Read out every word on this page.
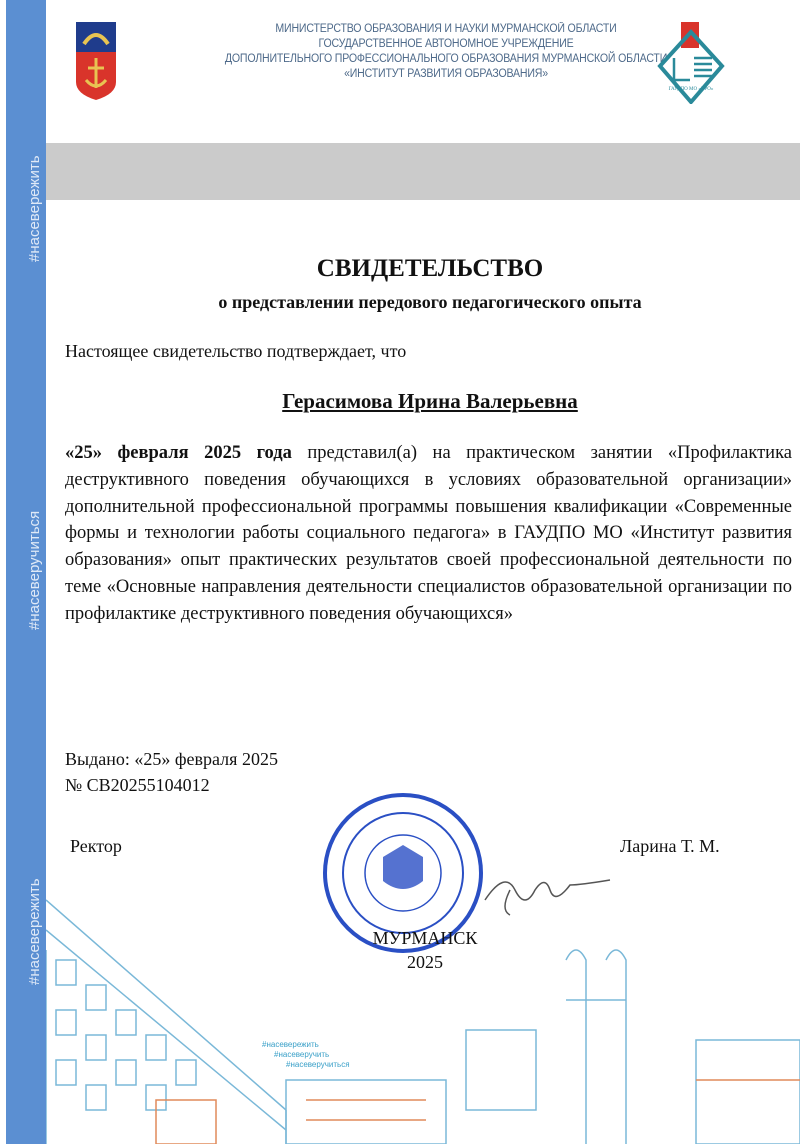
#насевережить
#насеверучиться
#насевережить
МИНИСТЕРСТВО ОБРАЗОВАНИЯ И НАУКИ МУРМАНСКОЙ ОБЛАСТИ
ГОСУДАРСТВЕННОЕ АВТОНОМНОЕ УЧРЕЖДЕНИЕ
ДОПОЛНИТЕЛЬНОГО ПРОФЕССИОНАЛЬНОГО ОБРАЗОВАНИЯ МУРМАНСКОЙ ОБЛАСТИ
«ИНСТИТУТ РАЗВИТИЯ ОБРАЗОВАНИЯ»
ГАУДПО МО «ИРО»
СВИДЕТЕЛЬСТВО
о представлении передового педагогического опыта
Настоящее свидетельство подтверждает, что
Герасимова Ирина Валерьевна
«25» февраля 2025 года представил(а) на практическом занятии «Профилактика деструктивного поведения обучающихся в условиях образовательной организации» дополнительной профессиональной программы повышения квалификации «Современные формы и технологии работы социального педагога» в ГАУДПО МО «Институт развития образования» опыт практических результатов своей профессиональной деятельности по теме «Основные направления деятельности специалистов образовательной организации по профилактике деструктивного поведения обучающихся»
Выдано: «25» февраля 2025
№ СВ20255104012
Ректор	Ларина Т. М.
МУРМАНСК
2025
#насевережить
#насеверучить
#насеверучиться
